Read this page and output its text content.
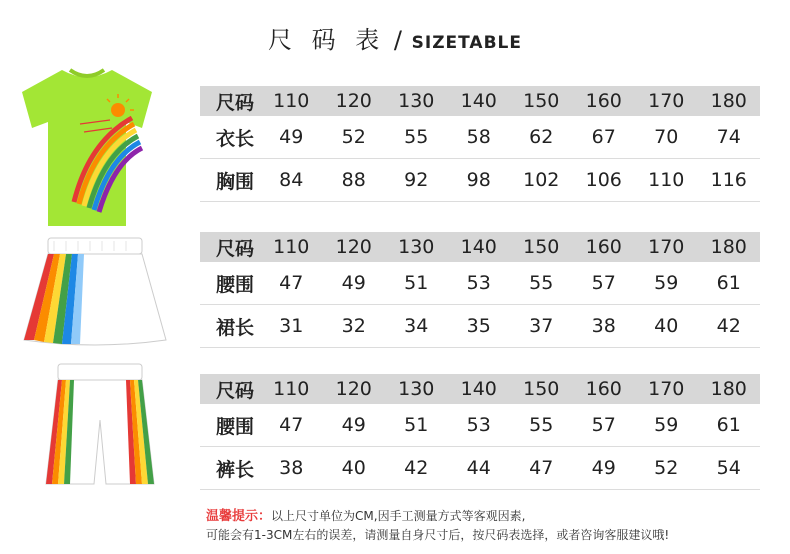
尺 码 表 / SIZETABLE
尺码	110	120	130	140	150	160	170	180
衣长	49	52	55	58	62	67	70	74
胸围	84	88	92	98	102	106	110	116
尺码	110	120	130	140	150	160	170	180
腰围	47	49	51	53	55	57	59	61
裙长	31	32	34	35	37	38	40	42
尺码	110	120	130	140	150	160	170	180
腰围	47	49	51	53	55	57	59	61
裤长	38	40	42	44	47	49	52	54
温馨提示：以上尺寸单位为CM,因手工测量方式等客观因素,
可能会有1-3CM左右的误差，请测量自身尺寸后，按尺码表选择，或者咨询客服建议哦!
